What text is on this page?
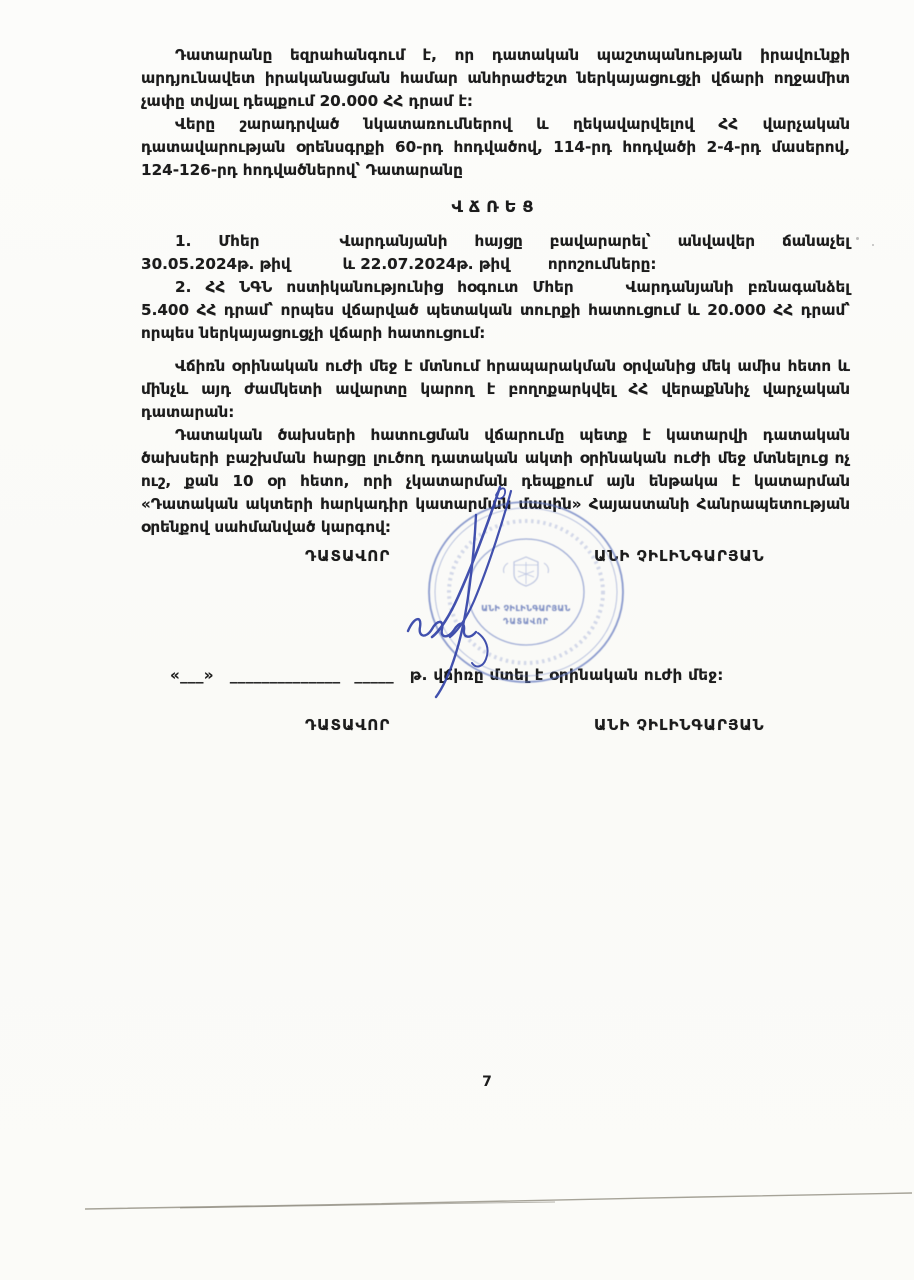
Դատարանը եզրահանգում է, որ դատական պաշտպանության իրավունքի արդյունավետ իրականացման համար անհրաժեշտ ներկայացուցչի վճարի ողջամիտ չափը տվյալ դեպքում 20.000 ՀՀ դրամ է:

Վերը շարադրված նկատառումներով և ղեկավարվելով ՀՀ վարչական դատավարության օրենսգրքի 60-րդ հոդվածով, 114-րդ հոդվածի 2-4-րդ մասերով, 124-126-րդ հոդվածներով՝ Դատարանը

ՎՃՌԵՑ

1. Մհեր	Վարդանյանի հայցը բավարարել՝ անվավեր ճանաչել 30.05.2024թ. թիվ	և 22.07.2024թ. թիվ	որոշումները:

2. ՀՀ ՆԳՆ ոստիկանությունից հօգուտ Մհեր	Վարդանյանի բռնագանձել 5.400 ՀՀ դրամ՝ որպես վճարված պետական տուրքի հատուցում և 20.000 ՀՀ դրամ՝ որպես ներկայացուցչի վճարի հատուցում:

Վճիռն օրինական ուժի մեջ է մտնում հրապարակման օրվանից մեկ ամիս հետո և մինչև այդ ժամկետի ավարտը կարող է բողոքարկվել ՀՀ վերաքննիչ վարչական դատարան:

Դատական ծախսերի հատուցման վճարումը պետք է կատարվի դատական ծախսերի բաշխման հարցը լուծող դատական ակտի օրինական ուժի մեջ մտնելուց ոչ ուշ, քան 10 օր հետո, որի չկատարման դեպքում այն ենթակա է կատարման «Դատական ակտերի հարկադիր կատարման մասին» Հայաստանի Հանրապետության օրենքով սահմանված կարգով:

ԴԱՏԱՎՈՐ	ԱՆԻ ՉԻԼԻՆԳԱՐՅԱՆ
ԱՆԻ ՉԻԼԻՆԳԱՐՅԱՆ
ԴԱՏԱՎՈՐ
«___» ______________ _____ թ. վճիռը մտել է օրինական ուժի մեջ:
ԴԱՏԱՎՈՐ	ԱՆԻ ՉԻԼԻՆԳԱՐՅԱՆ
7
